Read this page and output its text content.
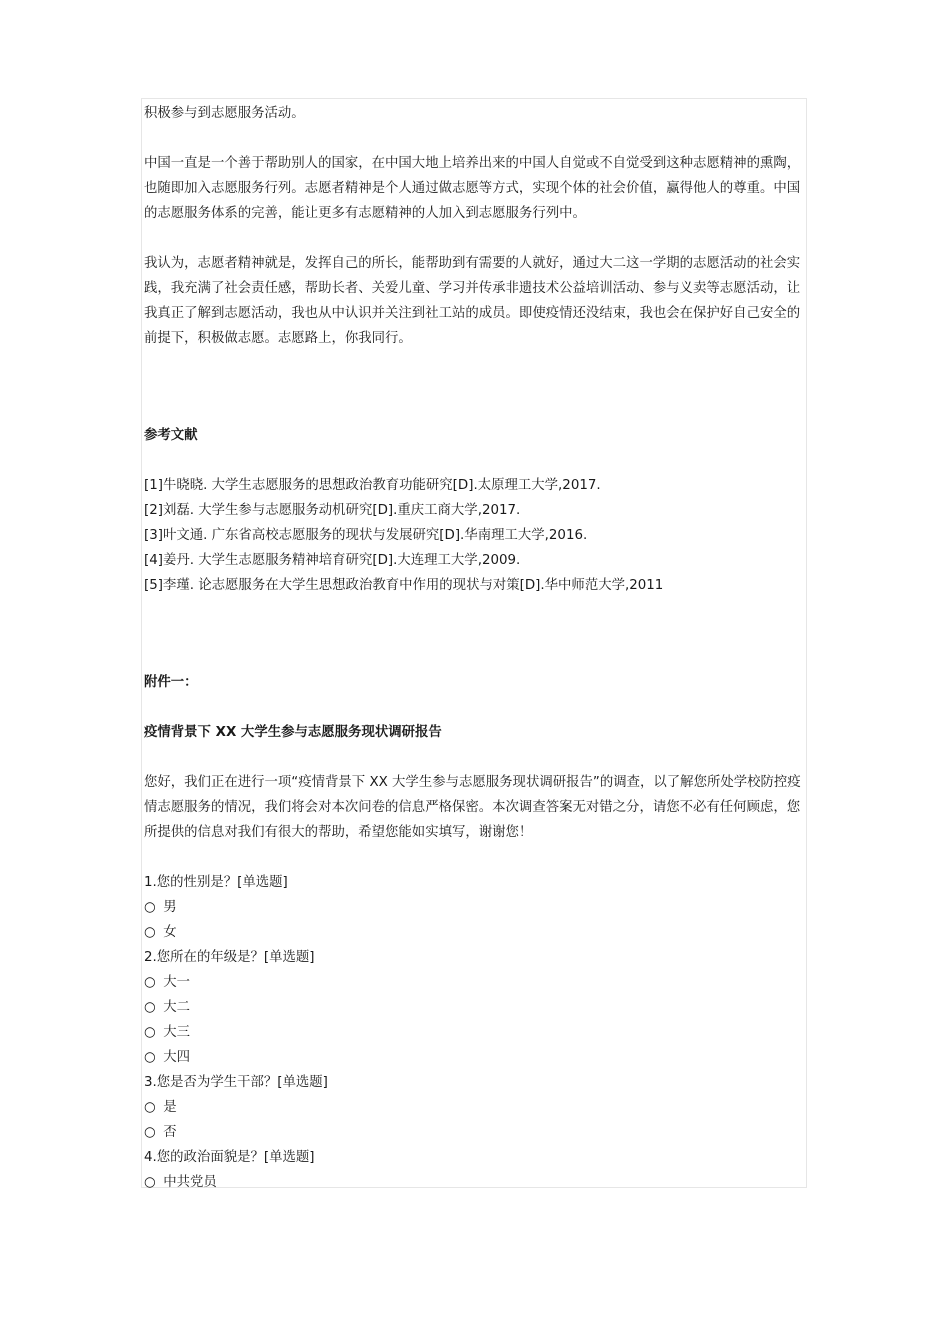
积极参与到志愿服务活动。

中国一直是一个善于帮助别人的国家，在中国大地上培养出来的中国人自觉或不自觉受到这种志愿精神的熏陶，也随即加入志愿服务行列。志愿者精神是个人通过做志愿等方式，实现个体的社会价值，赢得他人的尊重。中国的志愿服务体系的完善，能让更多有志愿精神的人加入到志愿服务行列中。

我认为，志愿者精神就是，发挥自己的所长，能帮助到有需要的人就好，通过大二这一学期的志愿活动的社会实践，我充满了社会责任感，帮助长者、关爱儿童、学习并传承非遗技术公益培训活动、参与义卖等志愿活动，让我真正了解到志愿活动，我也从中认识并关注到社工站的成员。即使疫情还没结束，我也会在保护好自己安全的前提下，积极做志愿。志愿路上，你我同行。

参考文献

[1]牛晓晓. 大学生志愿服务的思想政治教育功能研究[D].太原理工大学,2017.

[2]刘磊. 大学生参与志愿服务动机研究[D].重庆工商大学,2017.

[3]叶文通. 广东省高校志愿服务的现状与发展研究[D].华南理工大学,2016.

[4]姜丹. 大学生志愿服务精神培育研究[D].大连理工大学,2009.

[5]李瑾. 论志愿服务在大学生思想政治教育中作用的现状与对策[D].华中师范大学,2011

附件一：

疫情背景下 XX 大学生参与志愿服务现状调研报告

您好，我们正在进行一项“疫情背景下 XX 大学生参与志愿服务现状调研报告”的调查，以了解您所处学校防控疫情志愿服务的情况，我们将会对本次问卷的信息严格保密。本次调查答案无对错之分，请您不必有任何顾虑，您所提供的信息对我们有很大的帮助，希望您能如实填写，谢谢您！

1.您的性别是？[单选题]

○ 男

○ 女

2.您所在的年级是？[单选题]

○ 大一

○ 大二

○ 大三

○ 大四

3.您是否为学生干部？[单选题]

○ 是

○ 否

4.您的政治面貌是？[单选题]

○ 中共党员
